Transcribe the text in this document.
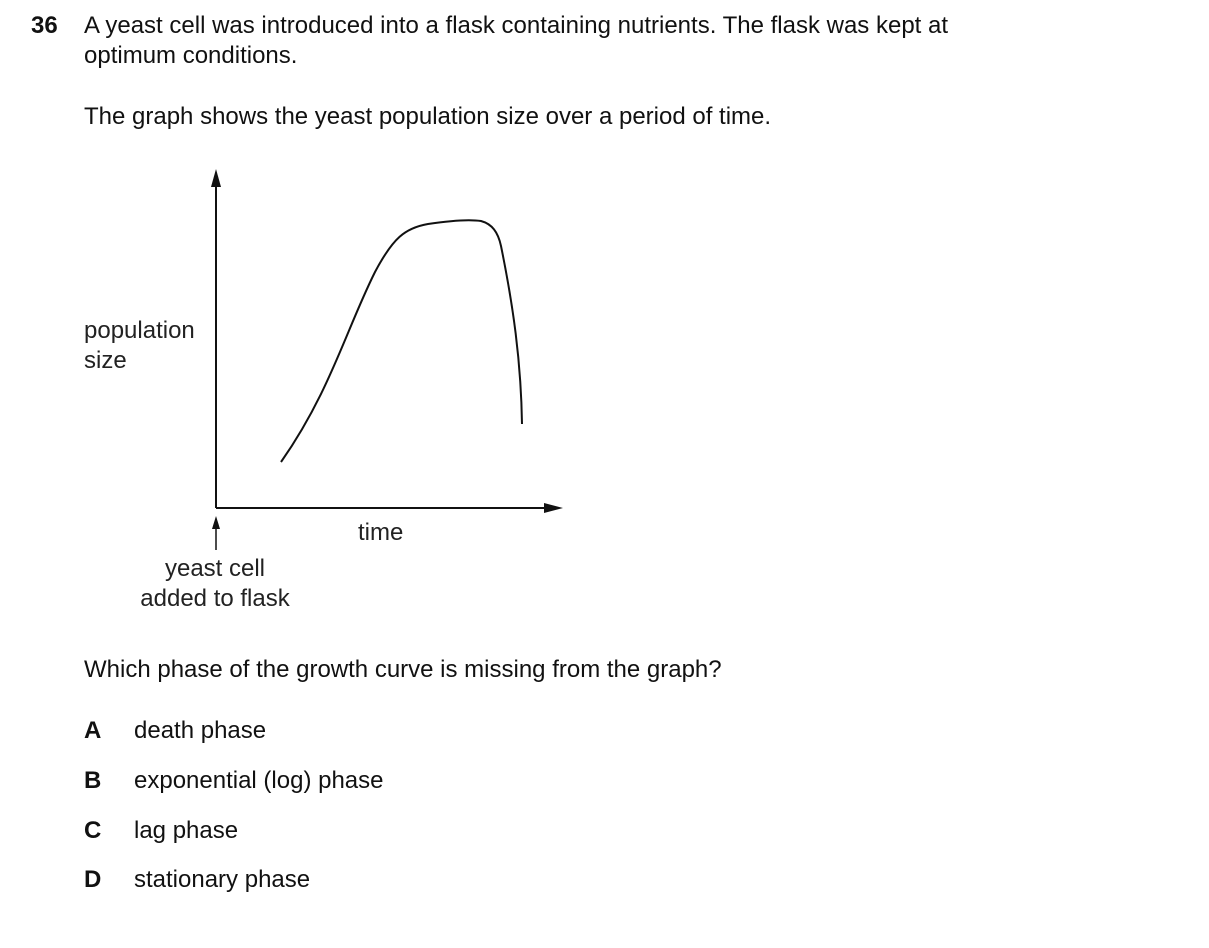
36 A yeast cell was introduced into a flask containing nutrients. The flask was kept at
optimum conditions.
The graph shows the yeast population size over a period of time.
population
size
time
yeast cell
added to flask
Which phase of the growth curve is missing from the graph?
A death phase
B exponential (log) phase
C lag phase
D stationary phase
